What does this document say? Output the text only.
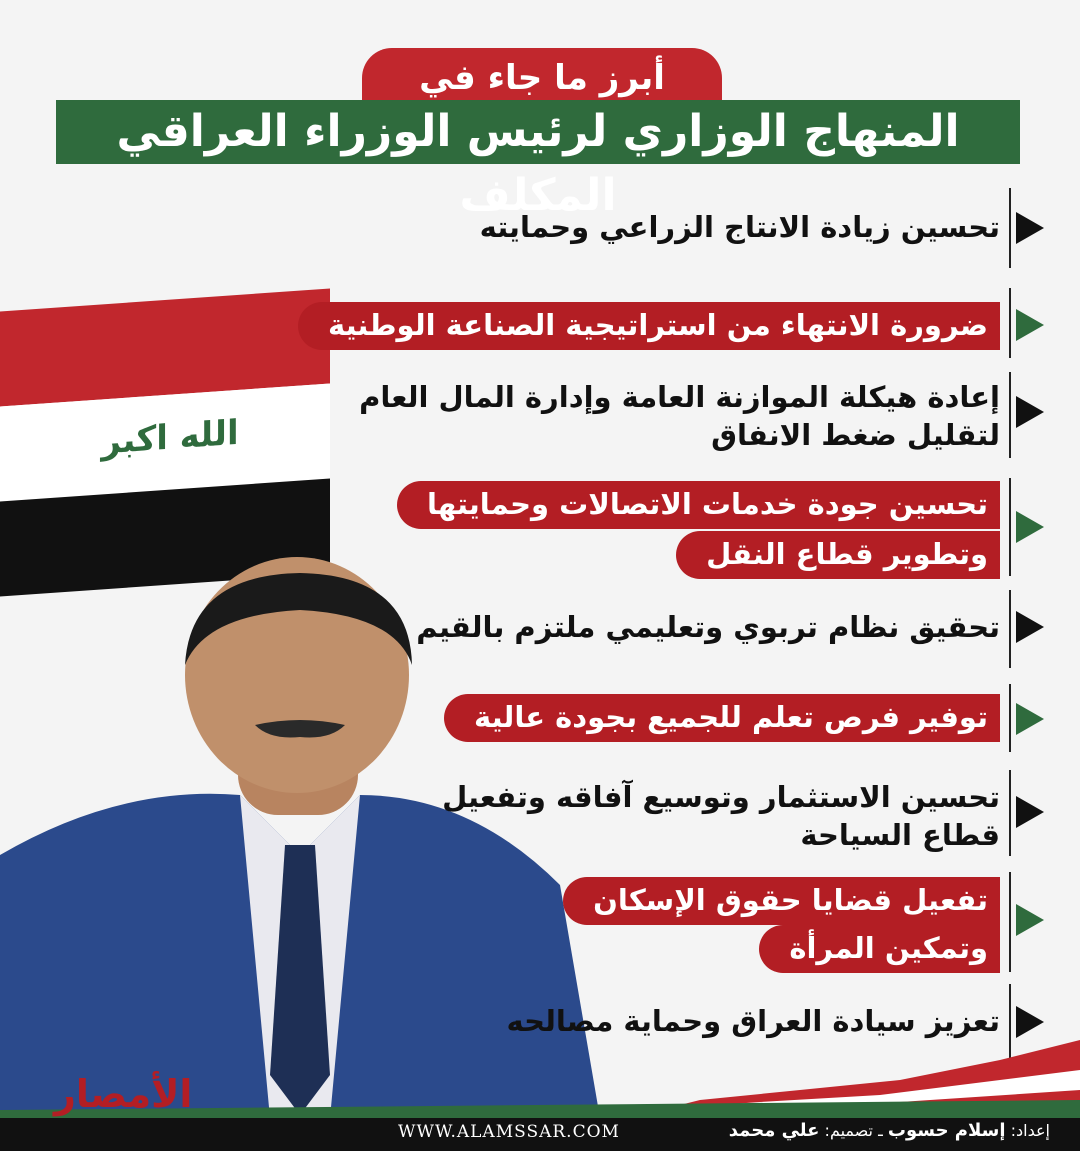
أبرز ما جاء في
المنهاج الوزاري لرئيس الوزراء العراقي المكلف
الله اكبر
تحسين زيادة الانتاج الزراعي وحمايته
ضرورة الانتهاء من استراتيجية الصناعة الوطنية
إعادة هيكلة الموازنة العامة وإدارة المال العام
لتقليل ضغط الانفاق
تحسين جودة خدمات الاتصالات وحمايتها
وتطوير قطاع النقل
تحقيق نظام تربوي وتعليمي ملتزم بالقيم
توفير فرص تعلم للجميع بجودة عالية
تحسين الاستثمار وتوسيع آفاقه وتفعيل
قطاع السياحة
تفعيل قضايا حقوق الإسكان
وتمكين المرأة
تعزيز سيادة العراق وحماية مصالحه
الأمصار
WWW.ALAMSSAR.COM	إعداد: إسلام حسوب ـ تصميم: علي محمد
